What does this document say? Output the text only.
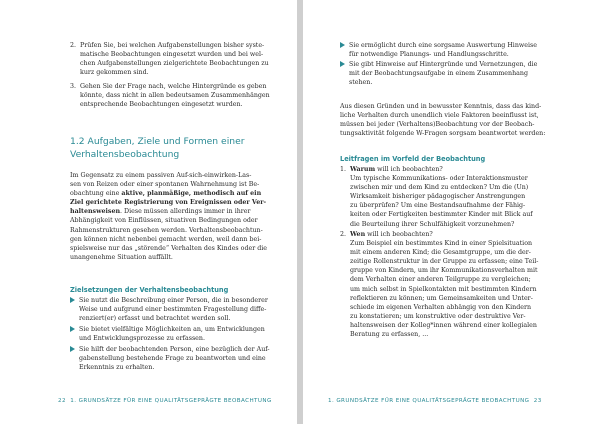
2. Prüfen Sie, bei welchen Aufgabenstellungen bisher syste-
matische Beobachtungen eingesetzt wurden und bei wel-
chen Aufgabenstellungen zielgerichtete Beobachtungen zu
kurz gekommen sind.
3. Gehen Sie der Frage nach, welche Hintergründe es geben
könnte, dass nicht in allen bedeutsamen Zusammenhängen
entsprechende Beobachtungen eingesetzt wurden.
1.2 Aufgaben, Ziele und Formen einer
Verhaltensbeobachtung
Im Gegensatz zu einem passiven Auf-sich-einwirken-Las-
sen von Reizen oder einer spontanen Wahrnehmung ist Be-
obachtung eine aktive, planmäßige, methodisch auf ein
Ziel gerichtete Registrierung von Ereignissen oder Ver-
haltensweisen. Diese müssen allerdings immer in ihrer
Abhängigkeit von Einflüssen, situativen Bedingungen oder
Rahmenstrukturen gesehen werden. Verhaltensbeobachtun-
gen können nicht nebenbei gemacht werden, weil dann bei-
spielsweise nur das „störende“ Verhalten des Kindes oder die
unangenehme Situation auffällt.
Zielsetzungen der Verhaltensbeobachtung
Sie nutzt die Beschreibung einer Person, die in besonderer
Weise und aufgrund einer bestimmten Fragestellung diffe-
renziert(er) erfasst und betrachtet werden soll.
Sie bietet vielfältige Möglichkeiten an, um Entwicklungen
und Entwicklungsprozesse zu erfassen.
Sie hilft der beobachtenden Person, eine bezüglich der Auf-
gabenstellung bestehende Frage zu beantworten und eine
Erkenntnis zu erhalten.
22 1. GRUNDSÄTZE FÜR EINE QUALITÄTSGEPRÄGTE BEOBACHTUNG
Sie ermöglicht durch eine sorgsame Auswertung Hinweise
für notwendige Planungs- und Handlungsschritte.
Sie gibt Hinweise auf Hintergründe und Vernetzungen, die
mit der Beobachtungsaufgabe in einem Zusammenhang
stehen.
Aus diesen Gründen und in bewusster Kenntnis, dass das kind-
liche Verhalten durch unendlich viele Faktoren beeinflusst ist,
müssen bei jeder (Verhaltens)Beobachtung vor der Beobach-
tungsaktivität folgende W-Fragen sorgsam beantwortet werden:
Leitfragen im Vorfeld der Beobachtung
1. Warum will ich beobachten?
Um typische Kommunikations- oder Interaktionsmuster
zwischen mir und dem Kind zu entdecken? Um die (Un)
Wirksamkeit bisheriger pädagogischer Anstrengungen
zu überprüfen? Um eine Bestandsaufnahme der Fähig-
keiten oder Fertigkeiten bestimmter Kinder mit Blick auf
die Beurteilung ihrer Schulfähigkeit vorzunehmen?
2. Wen will ich beobachten?
Zum Beispiel ein bestimmtes Kind in einer Spielsituation
mit einem anderen Kind; die Gesamtgruppe, um die der-
zeitige Rollenstruktur in der Gruppe zu erfassen; eine Teil-
gruppe von Kindern, um ihr Kommunikationsverhalten mit
dem Verhalten einer anderen Teilgruppe zu vergleichen;
um mich selbst in Spielkontakten mit bestimmten Kindern
reflektieren zu können; um Gemeinsamkeiten und Unter-
schiede im eigenen Verhalten abhängig von den Kindern
zu konstatieren; um konstruktive oder destruktive Ver-
haltensweisen der Kolleg*innen während einer kollegialen
Beratung zu erfassen, ...
1. GRUNDSÄTZE FÜR EINE QUALITÄTSGEPRÄGTE BEOBACHTUNG 23
